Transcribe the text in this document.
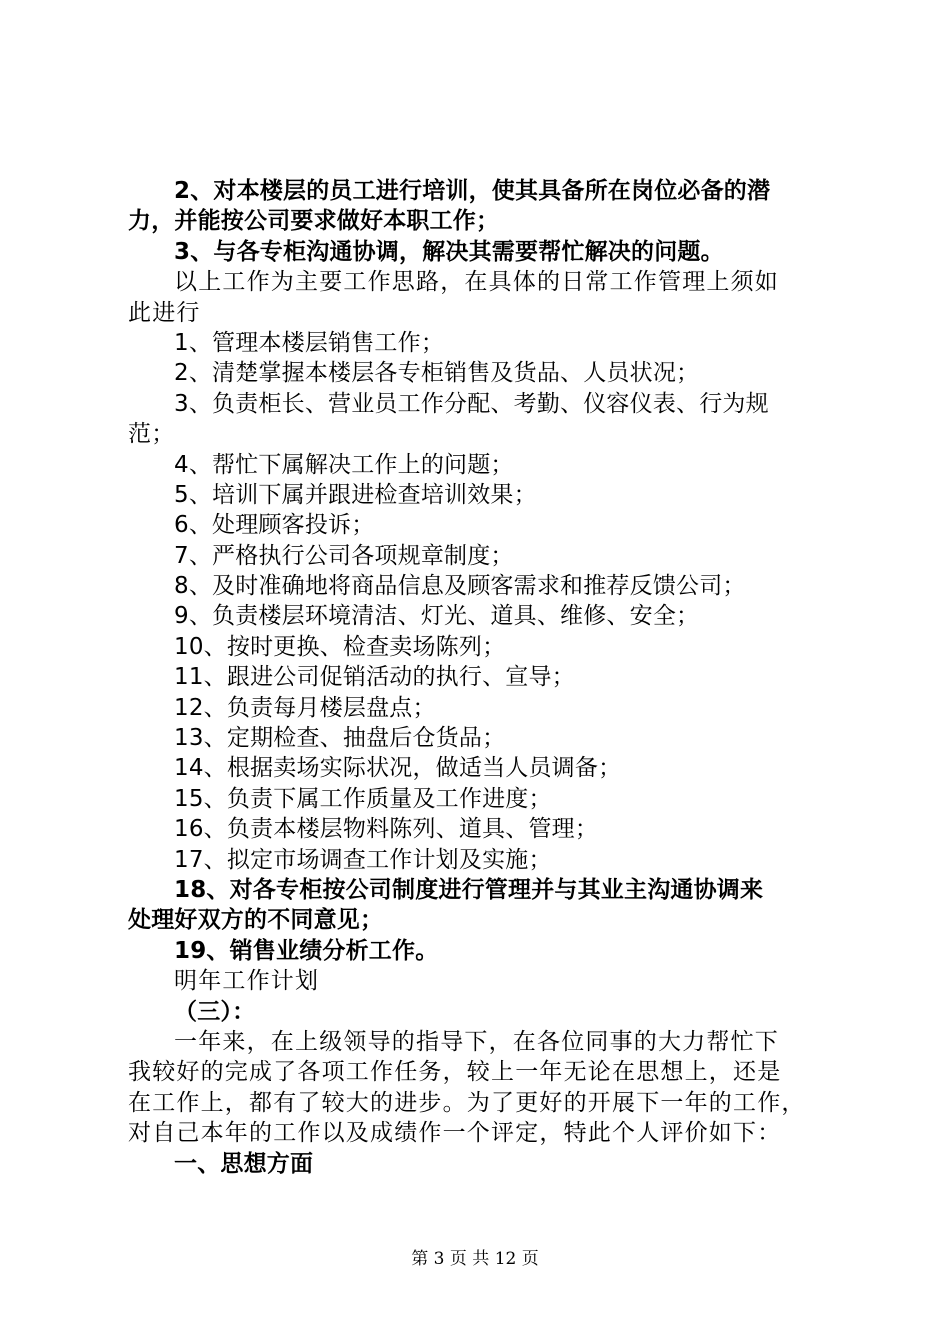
2、对本楼层的员工进行培训，使其具备所在岗位必备的潜

力，并能按公司要求做好本职工作；

3、与各专柜沟通协调，解决其需要帮忙解决的问题。

以上工作为主要工作思路，在具体的日常工作管理上须如

此进行

1、管理本楼层销售工作；

2、清楚掌握本楼层各专柜销售及货品、人员状况；

3、负责柜长、营业员工作分配、考勤、仪容仪表、行为规

范；

4、帮忙下属解决工作上的问题；

5、培训下属并跟进检查培训效果；

6、处理顾客投诉；

7、严格执行公司各项规章制度；

8、及时准确地将商品信息及顾客需求和推荐反馈公司；

9、负责楼层环境清洁、灯光、道具、维修、安全；

10、按时更换、检查卖场陈列；

11、跟进公司促销活动的执行、宣导；

12、负责每月楼层盘点；

13、定期检查、抽盘后仓货品；

14、根据卖场实际状况，做适当人员调备；

15、负责下属工作质量及工作进度；

16、负责本楼层物料陈列、道具、管理；

17、拟定市场调查工作计划及实施；

18、对各专柜按公司制度进行管理并与其业主沟通协调来

处理好双方的不同意见；

19、销售业绩分析工作。

明年工作计划

（三）：

一年来，在上级领导的指导下，在各位同事的大力帮忙下

我较好的完成了各项工作任务，较上一年无论在思想上，还是

在工作上，都有了较大的进步。为了更好的开展下一年的工作，

对自己本年的工作以及成绩作一个评定，特此个人评价如下：

一、思想方面

第 3 页 共 12 页
